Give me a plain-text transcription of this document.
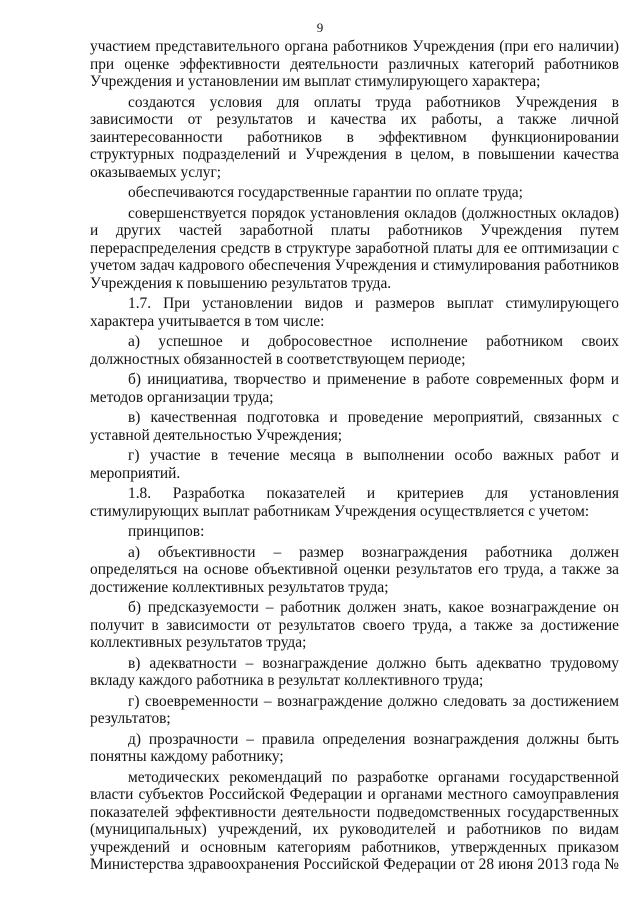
9

участием представительного органа работников Учреждения (при его наличии) при оценке эффективности деятельности различных категорий работников Учреждения и установлении им выплат стимулирующего характера;

создаются условия для оплаты труда работников Учреждения в зависимости от результатов и качества их работы, а также личной заинтересованности работников в эффективном функционировании структурных подразделений и Учреждения в целом, в повышении качества оказываемых услуг;

обеспечиваются государственные гарантии по оплате труда;

совершенствуется порядок установления окладов (должностных окладов) и других частей заработной платы работников Учреждения путем перераспределения средств в структуре заработной платы для ее оптимизации с учетом задач кадрового обеспечения Учреждения и стимулирования работников Учреждения к повышению результатов труда.

1.7. При установлении видов и размеров выплат стимулирующего характера учитывается в том числе:

а) успешное и добросовестное исполнение работником своих должностных обязанностей в соответствующем периоде;

б) инициатива, творчество и применение в работе современных форм и методов организации труда;

в) качественная подготовка и проведение мероприятий, связанных с уставной деятельностью Учреждения;

г) участие в течение месяца в выполнении особо важных работ и мероприятий.

1.8. Разработка показателей и критериев для установления стимулирующих выплат работникам Учреждения осуществляется с учетом:

принципов:

а) объективности – размер вознаграждения работника должен определяться на основе объективной оценки результатов его труда, а также за достижение коллективных результатов труда;

б) предсказуемости – работник должен знать, какое вознаграждение он получит в зависимости от результатов своего труда, а также за достижение коллективных результатов труда;

в) адекватности – вознаграждение должно быть адекватно трудовому вкладу каждого работника в результат коллективного труда;

г) своевременности – вознаграждение должно следовать за достижением результатов;

д) прозрачности – правила определения вознаграждения должны быть понятны каждому работнику;

методических рекомендаций по разработке органами государственной власти субъектов Российской Федерации и органами местного самоуправления показателей эффективности деятельности подведомственных государственных (муниципальных) учреждений, их руководителей и работников по видам учреждений и основным категориям работников, утвержденных приказом Министерства здравоохранения Российской Федерации от 28 июня 2013 года №
